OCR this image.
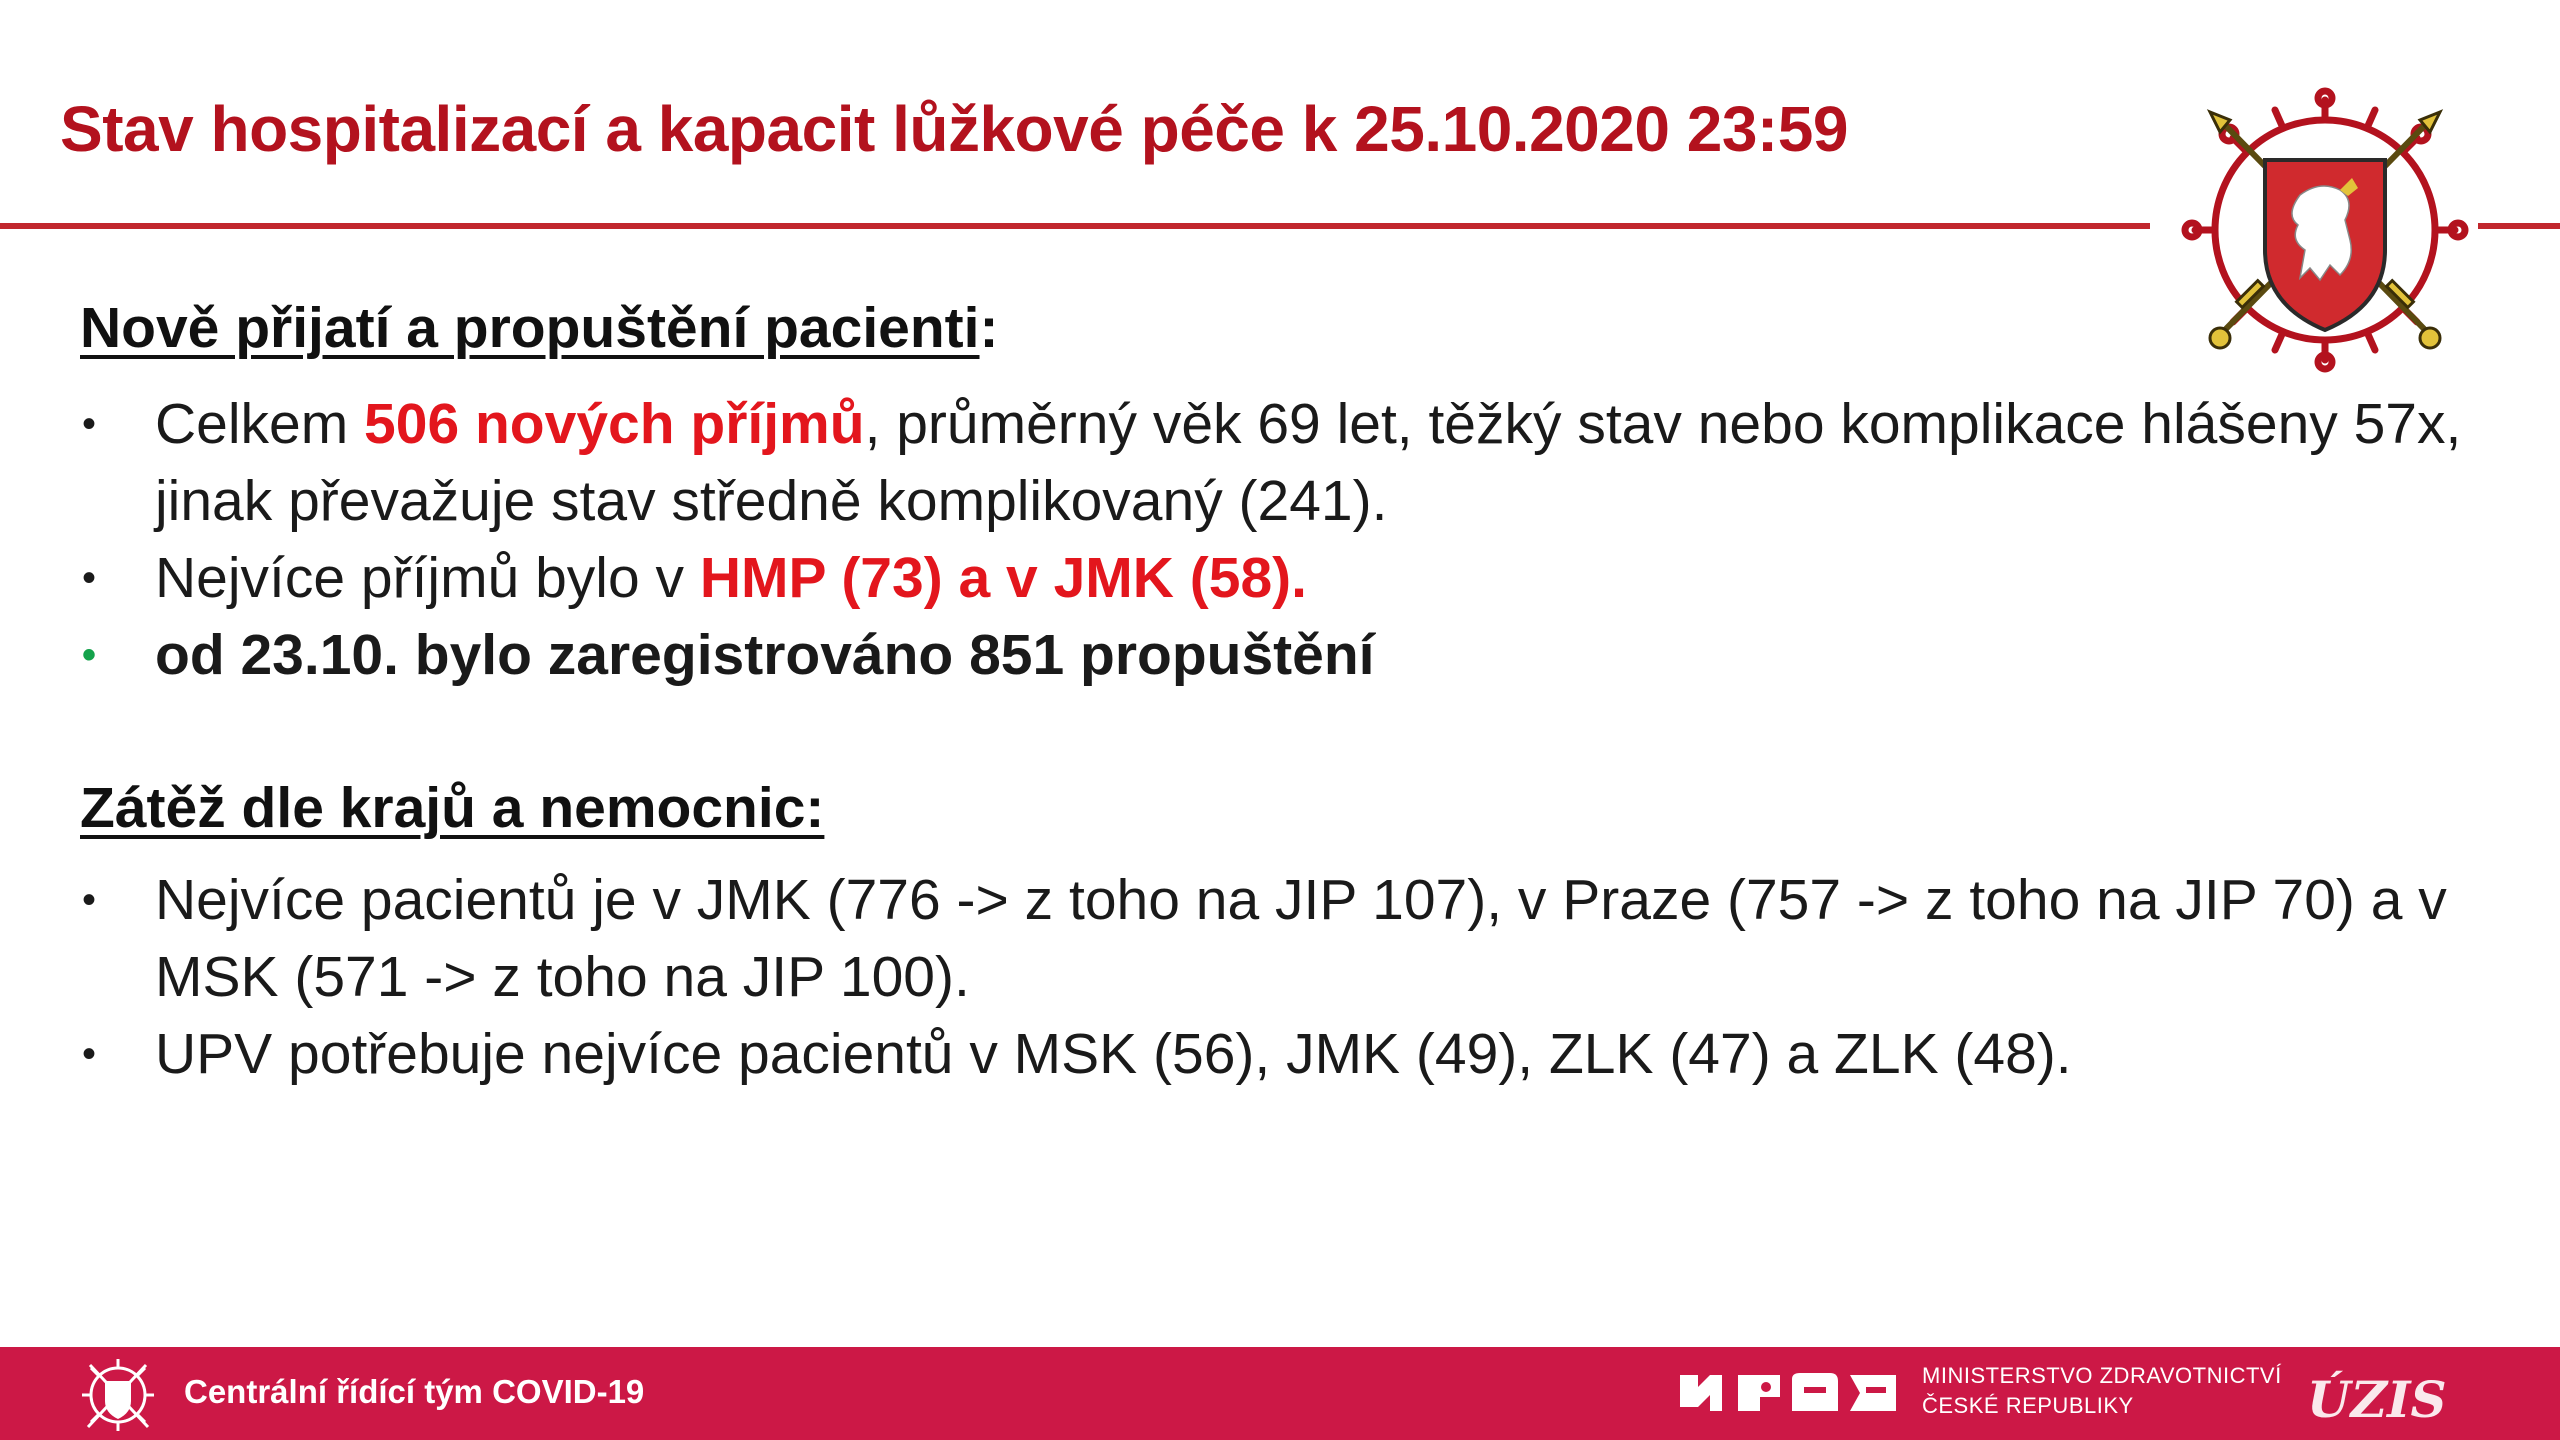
Stav hospitalizací a kapacit lůžkové péče k 25.10.2020 23:59
Nově přijatí a propuštění pacienti:
• Celkem 506 nových příjmů, průměrný věk 69 let, těžký stav nebo komplikace hlášeny 57x, jinak převažuje stav středně komplikovaný (241).
• Nejvíce příjmů bylo v HMP (73) a v JMK (58).
• od 23.10. bylo zaregistrováno 851 propuštění
Zátěž dle krajů a nemocnic:
• Nejvíce pacientů je v JMK (776 -> z toho na JIP 107), v Praze (757 -> z toho na JIP 70) a v MSK (571 -> z toho na JIP 100).
• UPV potřebuje nejvíce pacientů v MSK (56), JMK (49), ZLK (47) a ZLK (48).
Centrální řídící tým COVID-19	MINISTERSTVO ZDRAVOTNICTVÍ
ČESKÉ REPUBLIKY	ÚZIS
